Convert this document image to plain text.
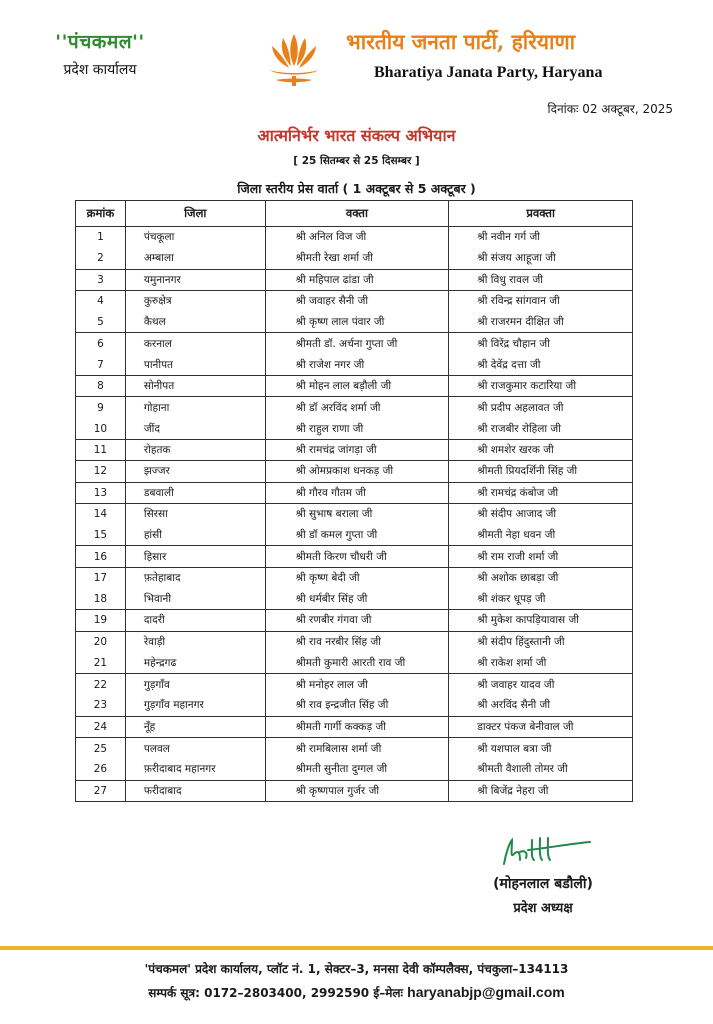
''पंचकमल''
प्रदेश कार्यालय
भारतीय जनता पार्टी, हरियाणा
Bharatiya Janata Party, Haryana
दिनांकः 02 अक्टूबर, 2025
आत्मनिर्भर भारत संकल्प अभियान
[ 25 सितम्बर से 25 दिसम्बर ]
जिला स्तरीय प्रेस वार्ता ( 1 अक्टूबर से 5 अक्टूबर )
क्रमांक	जिला	वक्ता	प्रवक्ता
1	पंचकूला	श्री अनिल विज जी	श्री नवीन गर्ग जी
2	अम्बाला	श्रीमती रेखा शर्मा जी	श्री संजय आहूजा जी
3	यमुनानगर	श्री महिपाल ढांडा जी	श्री विधु रावल जी
4	कुरुक्षेत्र	श्री जवाहर सैनी जी	श्री रविन्द्र सांगवान जी
5	कैथल	श्री कृष्ण लाल पंवार जी	श्री राजरमन दीक्षित जी
6	करनाल	श्रीमती डॉ. अर्चना गुप्ता जी	श्री विरेंद्र चौहान जी
7	पानीपत	श्री राजेश नगर जी	श्री देवेंद्र दत्ता जी
8	सोनीपत	श्री मोहन लाल बड़ौली जी	श्री राजकुमार कटारिया जी
9	गोहाना	श्री डॉ अरविंद शर्मा जी	श्री प्रदीप अहलावत जी
10	जींद	श्री राहुल राणा जी	श्री राजबीर रोहिला जी
11	रोहतक	श्री रामचंद्र जांगड़ा जी	श्री शमशेर खरक जी
12	झज्जर	श्री ओमप्रकाश धनकड़ जी	श्रीमती प्रियदर्शिनी सिंह जी
13	डबवाली	श्री गौरव गौतम जी	श्री रामचंद्र कंबोज जी
14	सिरसा	श्री सुभाष बराला जी	श्री संदीप आजाद जी
15	हांसी	श्री डॉ कमल गुप्ता जी	श्रीमती नेहा धवन जी
16	हिसार	श्रीमती किरण चौधरी जी	श्री राम राजी शर्मा जी
17	फ़तेहाबाद	श्री कृष्ण बेदी जी	श्री अशोक छाबड़ा जी
18	भिवानी	श्री धर्मबीर सिंह जी	श्री शंकर धूपड़ जी
19	दादरी	श्री रणबीर गंगवा जी	श्री मुकेश कापड़ियावास जी
20	रेवाड़ी	श्री राव नरबीर सिंह जी	श्री संदीप हिंदुस्तानी जी
21	महेन्द्रगढ	श्रीमती कुमारी आरती राव जी	श्री राकेश शर्मा जी
22	गुड़गाँव	श्री मनोहर लाल जी	श्री जवाहर यादव जी
23	गुड़गाँव महानगर	श्री राव इन्द्रजीत सिंह जी	श्री अरविंद सैनी जी
24	नूँह	श्रीमती गार्गी कक्कड़ जी	डाक्टर पंकज बेनीवाल जी
25	पलवल	श्री रामबिलास शर्मा जी	श्री यशपाल बत्रा जी
26	फ़रीदाबाद महानगर	श्रीमती सुनीता दुग्गल जी	श्रीमती वैशाली तोमर जी
27	फरीदाबाद	श्री कृष्णपाल गुर्जर जी	श्री बिजेंद्र नेहरा जी
(मोहनलाल बडौली)
प्रदेश अध्यक्ष
'पंचकमल' प्रदेश कार्यालय, प्लॉट नं. 1, सेक्टर–3, मनसा देवी कॉम्पलैक्स, पंचकुला–134113
सम्पर्क सूत्र: 0172–2803400, 2992590 ई–मेलः haryanabjp@gmail.com
